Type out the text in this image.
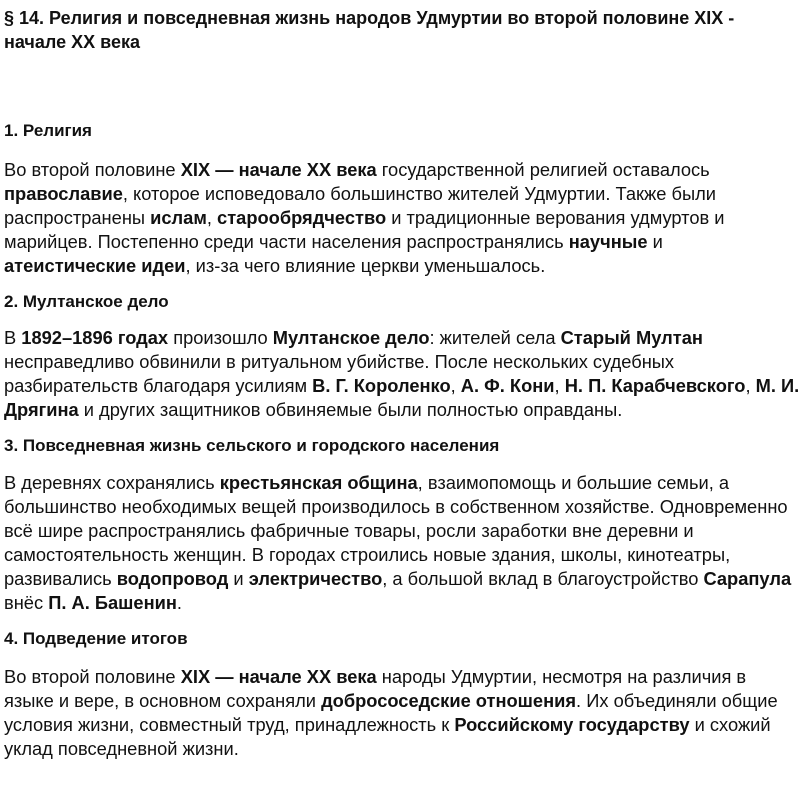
§ 14. Религия и повседневная жизнь народов Удмуртии во второй половине XIX - начале XX века
1. Религия

Во второй половине XIX — начале XX века государственной религией оставалось православие, которое исповедовало большинство жителей Удмуртии. Также были распространены ислам, старообрядчество и традиционные верования удмуртов и марийцев. Постепенно среди части населения распространялись научные и атеистические идеи, из-за чего влияние церкви уменьшалось.

2. Мултанское дело

В 1892–1896 годах произошло Мултанское дело: жителей села Старый Мултан несправедливо обвинили в ритуальном убийстве. После нескольких судебных разбирательств благодаря усилиям В. Г. Короленко, А. Ф. Кони, Н. П. Карабчевского, М. И. Дрягина и других защитников обвиняемые были полностью оправданы.

3. Повседневная жизнь сельского и городского населения

В деревнях сохранялись крестьянская община, взаимопомощь и большие семьи, а большинство необходимых вещей производилось в собственном хозяйстве. Одновременно всё шире распространялись фабричные товары, росли заработки вне деревни и самостоятельность женщин. В городах строились новые здания, школы, кинотеатры, развивались водопровод и электричество, а большой вклад в благоустройство Сарапула внёс П. А. Башенин.

4. Подведение итогов

Во второй половине XIX — начале XX века народы Удмуртии, несмотря на различия в языке и вере, в основном сохраняли добрососедские отношения. Их объединяли общие условия жизни, совместный труд, принадлежность к Российскому государству и схожий уклад повседневной жизни.
